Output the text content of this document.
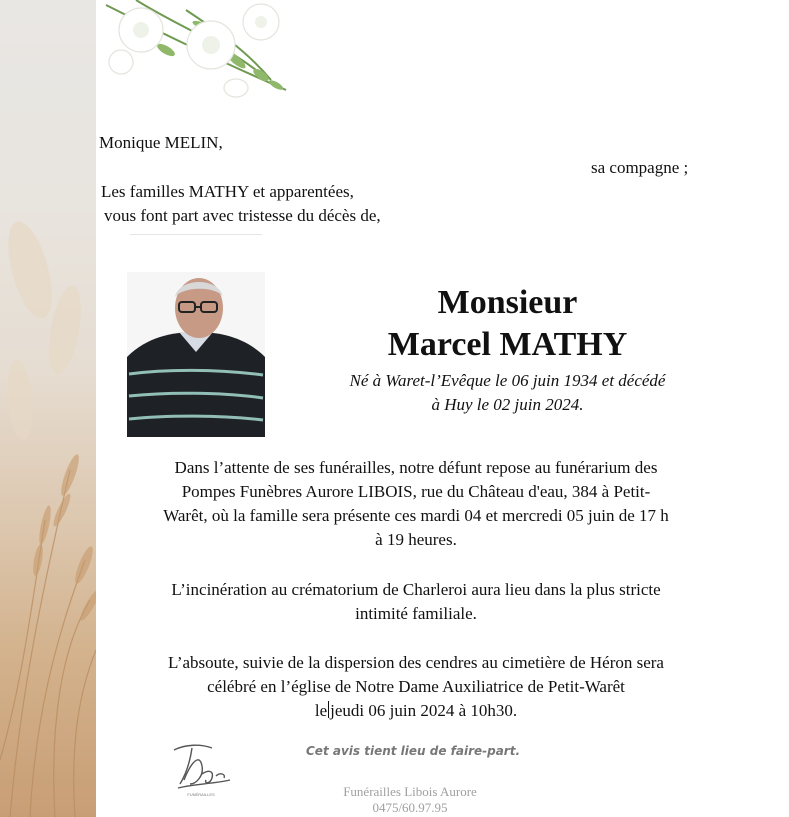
Monique MELIN,
sa compagne ;
Les familles MATHY et apparentées,
vous font part avec tristesse du décès de,
Monsieur
Marcel MATHY
Né à Waret-l’Evêque le 06 juin 1934 et décédé
à Huy le 02 juin 2024.
Dans l’attente de ses funérailles, notre défunt repose au funérarium des
Pompes Funèbres Aurore LIBOIS, rue du Château d'eau, 384 à Petit-
Warêt, où la famille sera présente ces mardi 04 et mercredi 05 juin de 17 h
à 19 heures.
L’incinération au crématorium de Charleroi aura lieu dans la plus stricte
intimité familiale.
L’absoute, suivie de la dispersion des cendres au cimetière de Héron sera
célébré en l’église de Notre Dame Auxiliatrice de Petit-Warêt
le jeudi 06 juin 2024 à 10h30.
FUNÉRAILLES
Cet avis tient lieu de faire-part.
Funérailles Libois Aurore
0475/60.97.95
